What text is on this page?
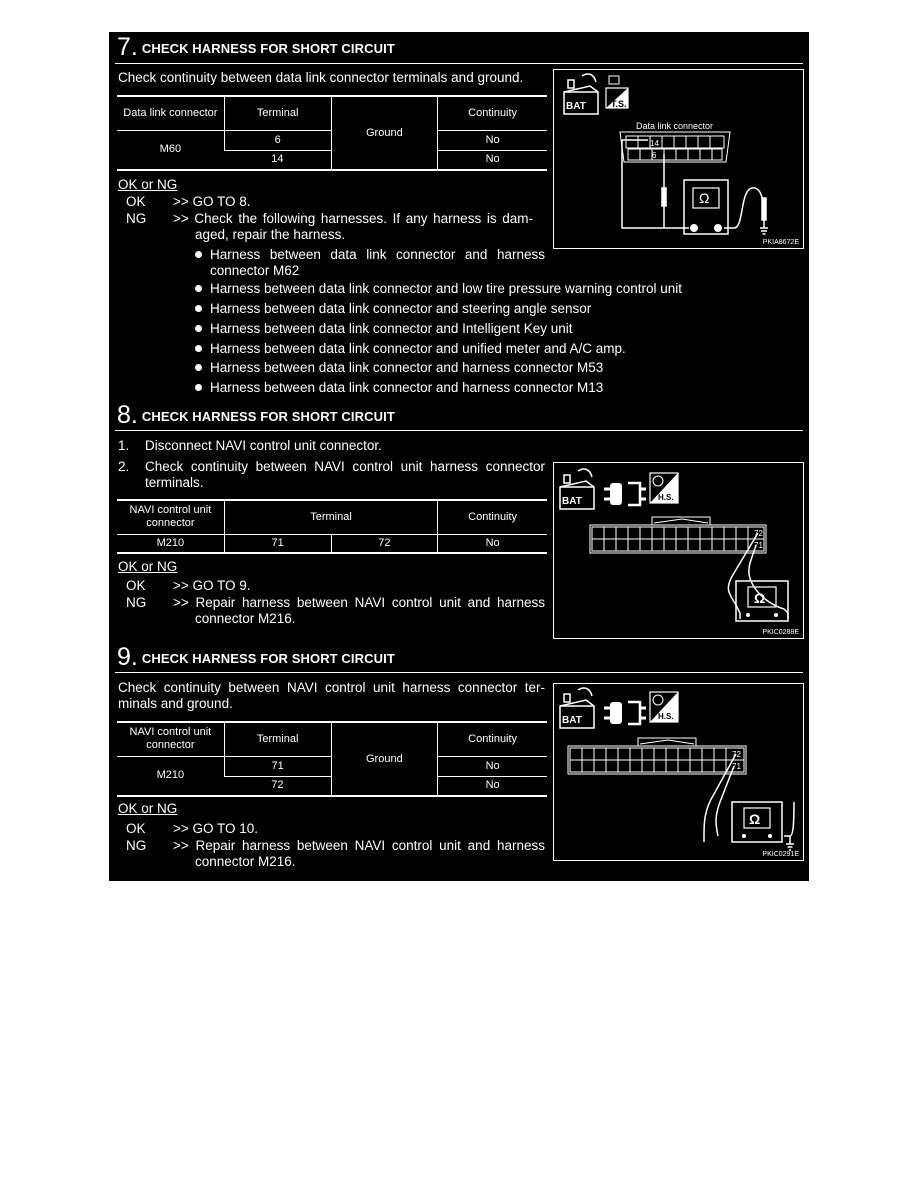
7. CHECK HARNESS FOR SHORT CIRCUIT
Check continuity between data link connector terminals and ground.
Data link connector	Terminal	Ground	Continuity
M60	6		No
	14		No
OK or NG
OK >> GO TO 8.
NG >> Check the following harnesses. If any harness is dam-
aged, repair the harness.
Harness between data link connector and harness
connector M62
Harness between data link connector and low tire pressure warning control unit
Harness between data link connector and steering angle sensor
Harness between data link connector and Intelligent Key unit
Harness between data link connector and unified meter and A/C amp.
Harness between data link connector and harness connector M53
Harness between data link connector and harness connector M13
BAT	T.S.
Data link connector
14
6
Ω
PKIA8672E
8. CHECK HARNESS FOR SHORT CIRCUIT
1. Disconnect NAVI control unit connector.
2. Check continuity between NAVI control unit harness connector
terminals.
NAVI control unit
connector	Terminal		Continuity
M210	71	72	No
OK or NG
OK >> GO TO 9.
NG >> Repair harness between NAVI control unit and harness
connector M216.
BAT	H.S.
72
71
Ω
PKIC0288E
9. CHECK HARNESS FOR SHORT CIRCUIT
Check continuity between NAVI control unit harness connector ter-
minals and ground.
NAVI control unit
connector	Terminal	Ground	Continuity
M210	71		No
	72		No
OK or NG
OK >> GO TO 10.
NG >> Repair harness between NAVI control unit and harness
connector M216.
BAT	H.S.
72
71
Ω
PKIC0291E
